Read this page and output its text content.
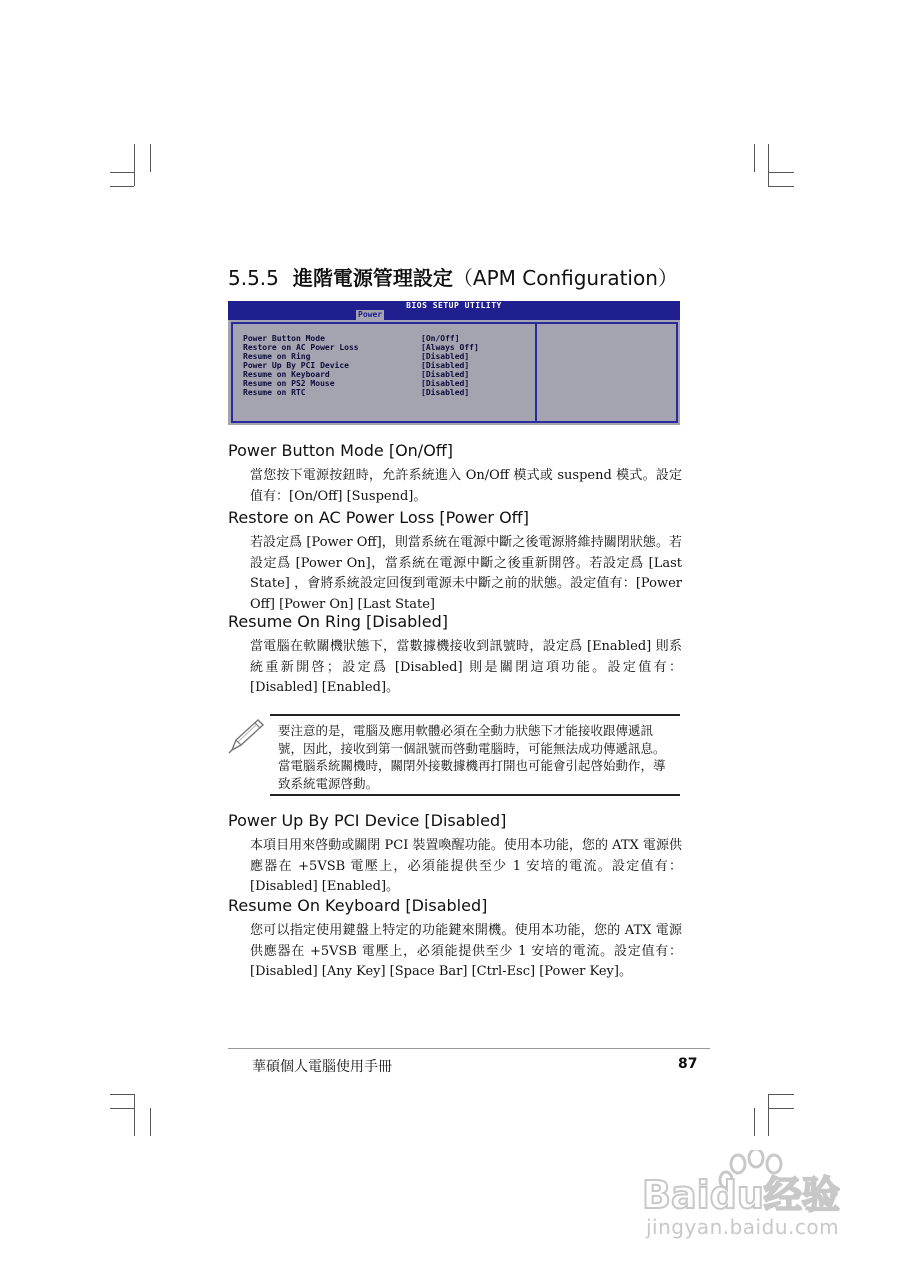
5.5.5 進階電源管理設定（APM Configuration）
BIOS SETUP UTILITY
Power
Power Button Mode	[On/Off]
Restore on AC Power Loss	[Always Off]
Resume on Ring	[Disabled]
Power Up By PCI Device	[Disabled]
Resume on Keyboard	[Disabled]
Resume on PS2 Mouse	[Disabled]
Resume on RTC	[Disabled]
Power Button Mode [On/Off]
當您按下電源按鈕時，允許系統進入 On/Off 模式或 suspend 模式。設定值有：[On/Off] [Suspend]。
Restore on AC Power Loss [Power Off]
若設定爲 [Power Off]，則當系統在電源中斷之後電源將維持關閉狀態。若設定爲 [Power On]，當系統在電源中斷之後重新開啓。若設定爲 [Last State] ，會將系統設定回復到電源未中斷之前的狀態。設定值有：[Power Off] [Power On] [Last State]
Resume On Ring [Disabled]
當電腦在軟關機狀態下，當數據機接收到訊號時，設定爲 [Enabled] 則系統重新開啓；設定爲 [Disabled] 則是關閉這項功能。設定值有：[Disabled] [Enabled]。
要注意的是，電腦及應用軟體必須在全動力狀態下才能接收跟傳遞訊號，因此，接收到第一個訊號而啓動電腦時，可能無法成功傳遞訊息。當電腦系統關機時，關閉外接數據機再打開也可能會引起啓始動作，導致系統電源啓動。
Power Up By PCI Device [Disabled]
本項目用來啓動或關閉 PCI 裝置喚醒功能。使用本功能，您的 ATX 電源供應器在 +5VSB 電壓上，必須能提供至少 1 安培的電流。設定值有：[Disabled] [Enabled]。
Resume On Keyboard [Disabled]
您可以指定使用鍵盤上特定的功能鍵來開機。使用本功能，您的 ATX 電源供應器在 +5VSB 電壓上，必須能提供至少 1 安培的電流。設定值有：[Disabled] [Any Key] [Space Bar] [Ctrl-Esc] [Power Key]。
華碩個人電腦使用手冊	87
Baidu经验
jingyan.baidu.com
